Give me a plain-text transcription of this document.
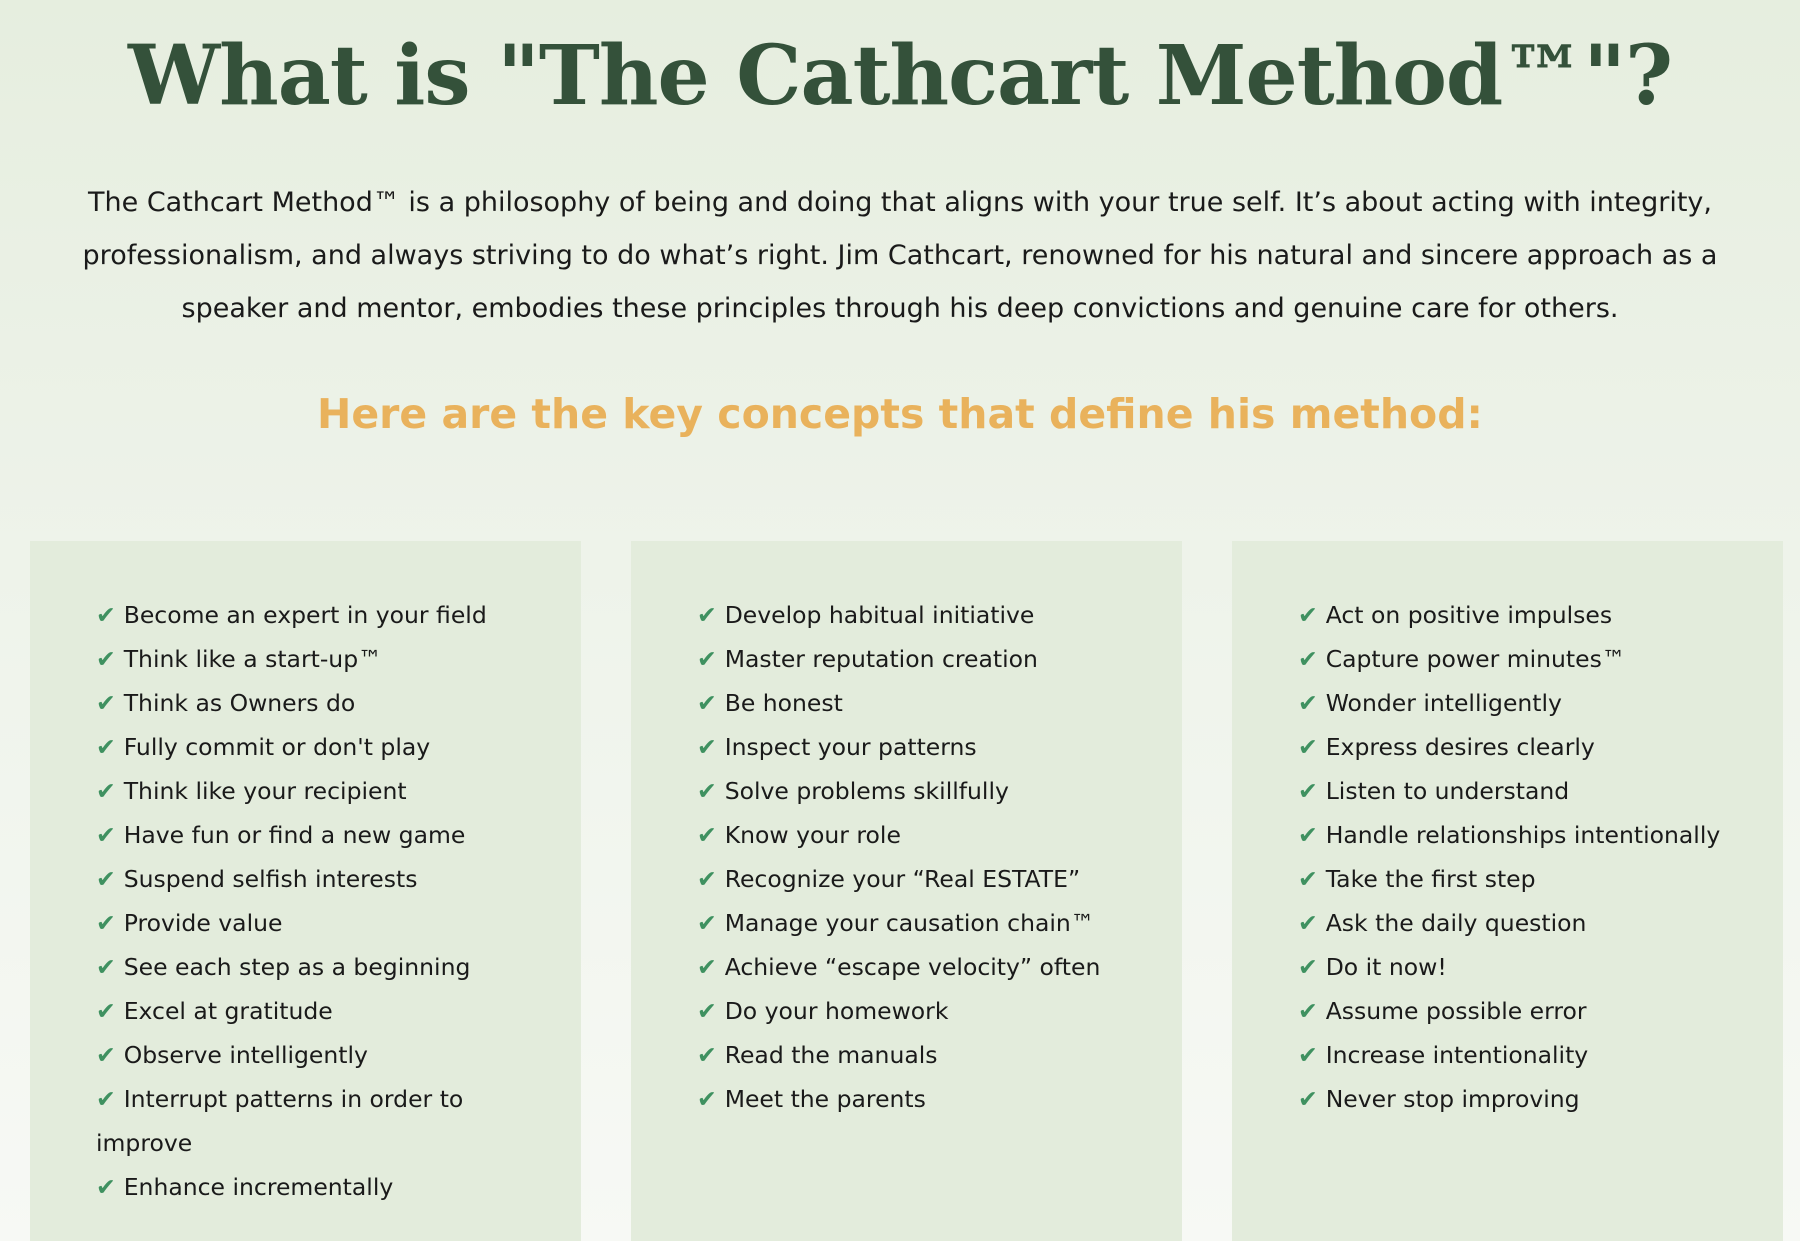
What is "The Cathcart Method™"?

The Cathcart Method™ is a philosophy of being and doing that aligns with your true self. It’s about acting with integrity,
professionalism, and always striving to do what’s right. Jim Cathcart, renowned for his natural and sincere approach as a
speaker and mentor, embodies these principles through his deep convictions and genuine care for others.

Here are the key concepts that define his method:
✔ Become an expert in your field
✔ Think like a start-up™
✔ Think as Owners do
✔ Fully commit or don't play
✔ Think like your recipient
✔ Have fun or find a new game
✔ Suspend selfish interests
✔ Provide value
✔ See each step as a beginning
✔ Excel at gratitude
✔ Observe intelligently
✔ Interrupt patterns in order to improve
✔ Enhance incrementally
✔ Develop habitual initiative
✔ Master reputation creation
✔ Be honest
✔ Inspect your patterns
✔ Solve problems skillfully
✔ Know your role
✔ Recognize your “Real ESTATE”
✔ Manage your causation chain™
✔ Achieve “escape velocity” often
✔ Do your homework
✔ Read the manuals
✔ Meet the parents
✔ Act on positive impulses
✔ Capture power minutes™
✔ Wonder intelligently
✔ Express desires clearly
✔ Listen to understand
✔ Handle relationships intentionally
✔ Take the first step
✔ Ask the daily question
✔ Do it now!
✔ Assume possible error
✔ Increase intentionality
✔ Never stop improving
